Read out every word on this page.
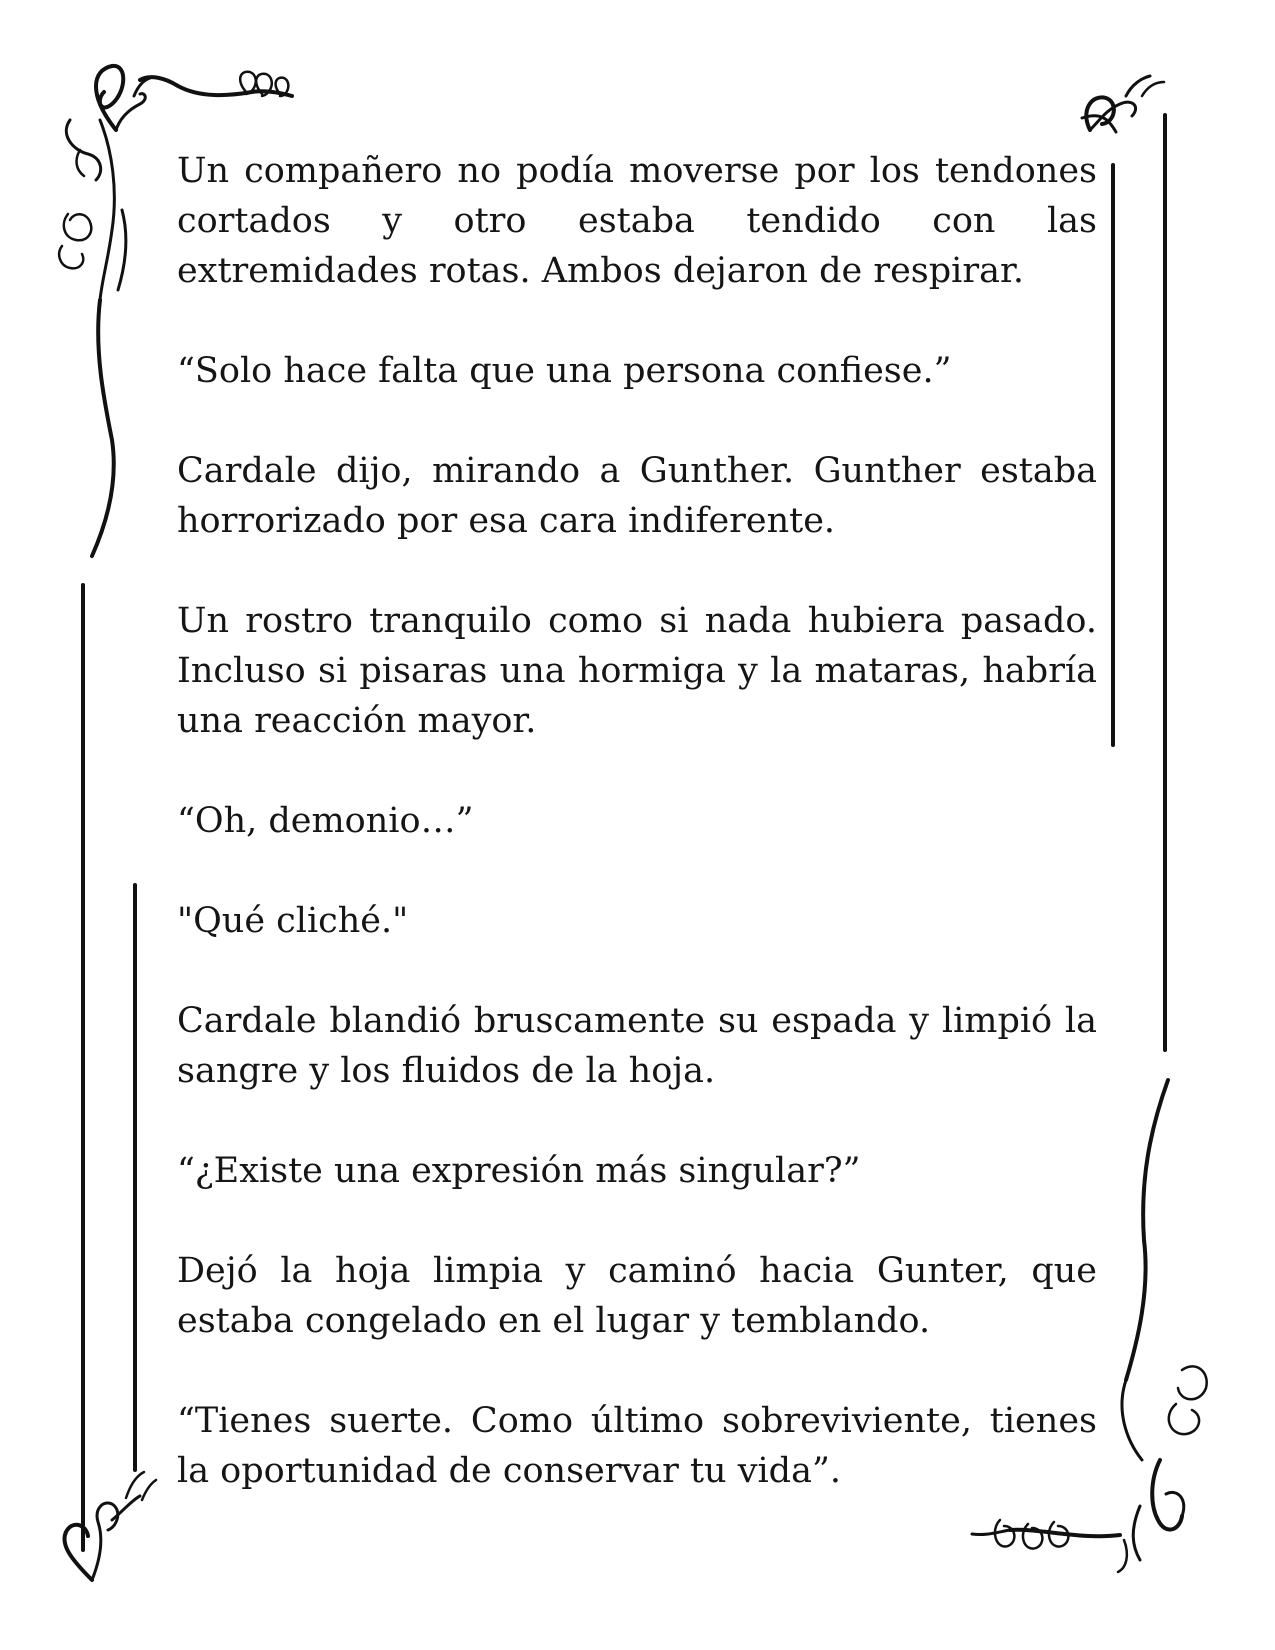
Un compañero no podía moverse por los tendones cortados y otro estaba tendido con las extremidades rotas. Ambos dejaron de respirar.

“Solo hace falta que una persona confiese.”

Cardale dijo, mirando a Gunther. Gunther estaba horrorizado por esa cara indiferente.

Un rostro tranquilo como si nada hubiera pasado. Incluso si pisaras una hormiga y la mataras, habría una reacción mayor.

“Oh, demonio…”

"Qué cliché."

Cardale blandió bruscamente su espada y limpió la sangre y los fluidos de la hoja.

“¿Existe una expresión más singular?”

Dejó la hoja limpia y caminó hacia Gunter, que estaba congelado en el lugar y temblando.

“Tienes suerte. Como último sobreviviente, tienes la oportunidad de conservar tu vida”.
